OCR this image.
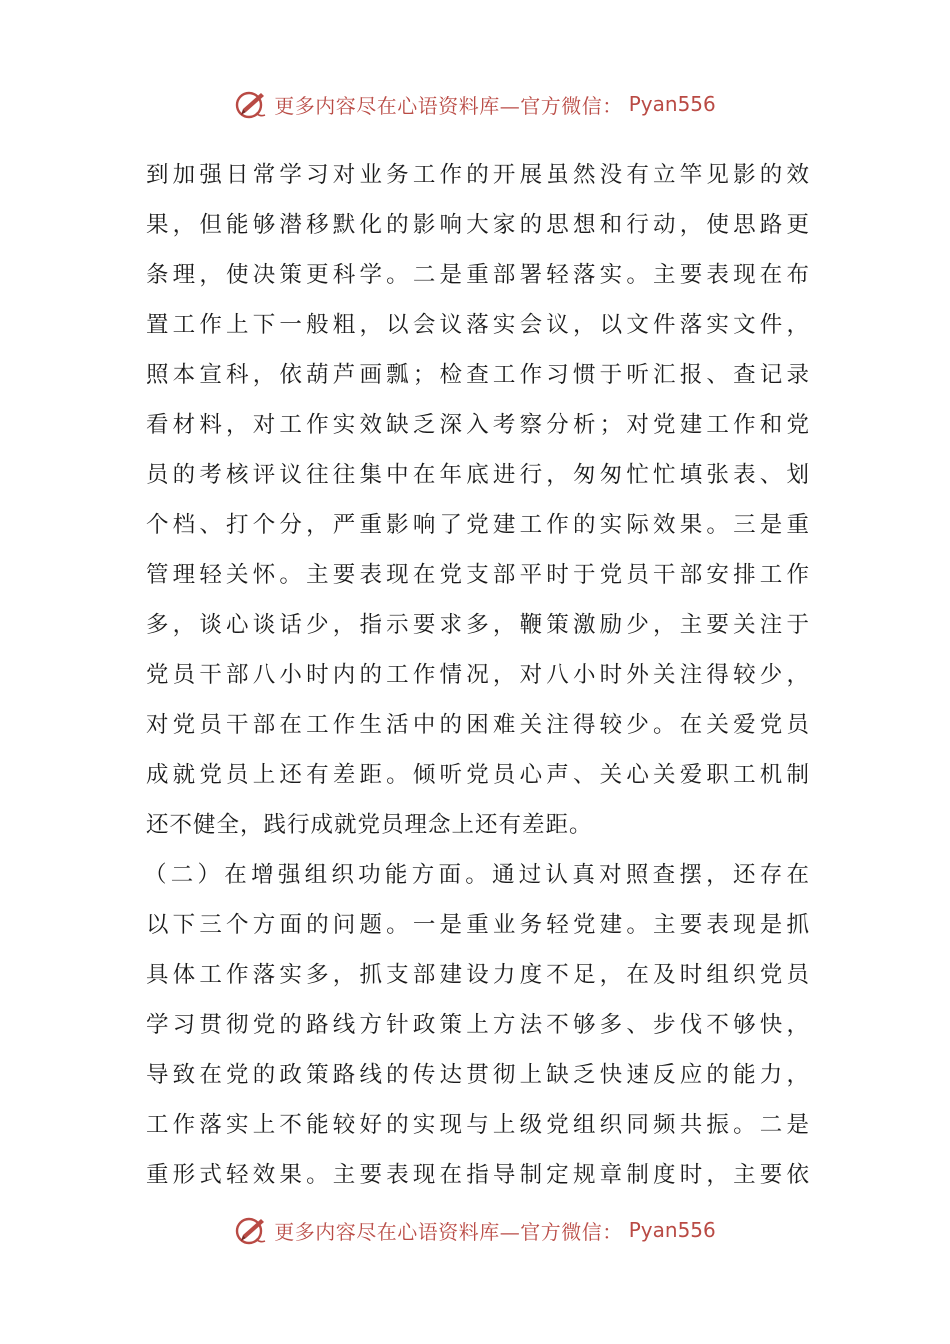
更多内容尽在心语资料库—官方微信： Pyan556
到加强日常学习对业务工作的开展虽然没有立竿见影的效
果，但能够潜移默化的影响大家的思想和行动，使思路更
条理，使决策更科学。二是重部署轻落实。主要表现在布
置工作上下一般粗，以会议落实会议，以文件落实文件，
照本宣科，依葫芦画瓢；检查工作习惯于听汇报、查记录
看材料，对工作实效缺乏深入考察分析；对党建工作和党
员的考核评议往往集中在年底进行，匆匆忙忙填张表、划
个档、打个分，严重影响了党建工作的实际效果。三是重
管理轻关怀。主要表现在党支部平时于党员干部安排工作
多，谈心谈话少，指示要求多，鞭策激励少，主要关注于
党员干部八小时内的工作情况，对八小时外关注得较少，
对党员干部在工作生活中的困难关注得较少。在关爱党员
成就党员上还有差距。倾听党员心声、关心关爱职工机制
还不健全，践行成就党员理念上还有差距。
（二）在增强组织功能方面。通过认真对照查摆，还存在
以下三个方面的问题。一是重业务轻党建。主要表现是抓
具体工作落实多，抓支部建设力度不足，在及时组织党员
学习贯彻党的路线方针政策上方法不够多、步伐不够快，
导致在党的政策路线的传达贯彻上缺乏快速反应的能力，
工作落实上不能较好的实现与上级党组织同频共振。二是
重形式轻效果。主要表现在指导制定规章制度时，主要依
更多内容尽在心语资料库—官方微信： Pyan556
